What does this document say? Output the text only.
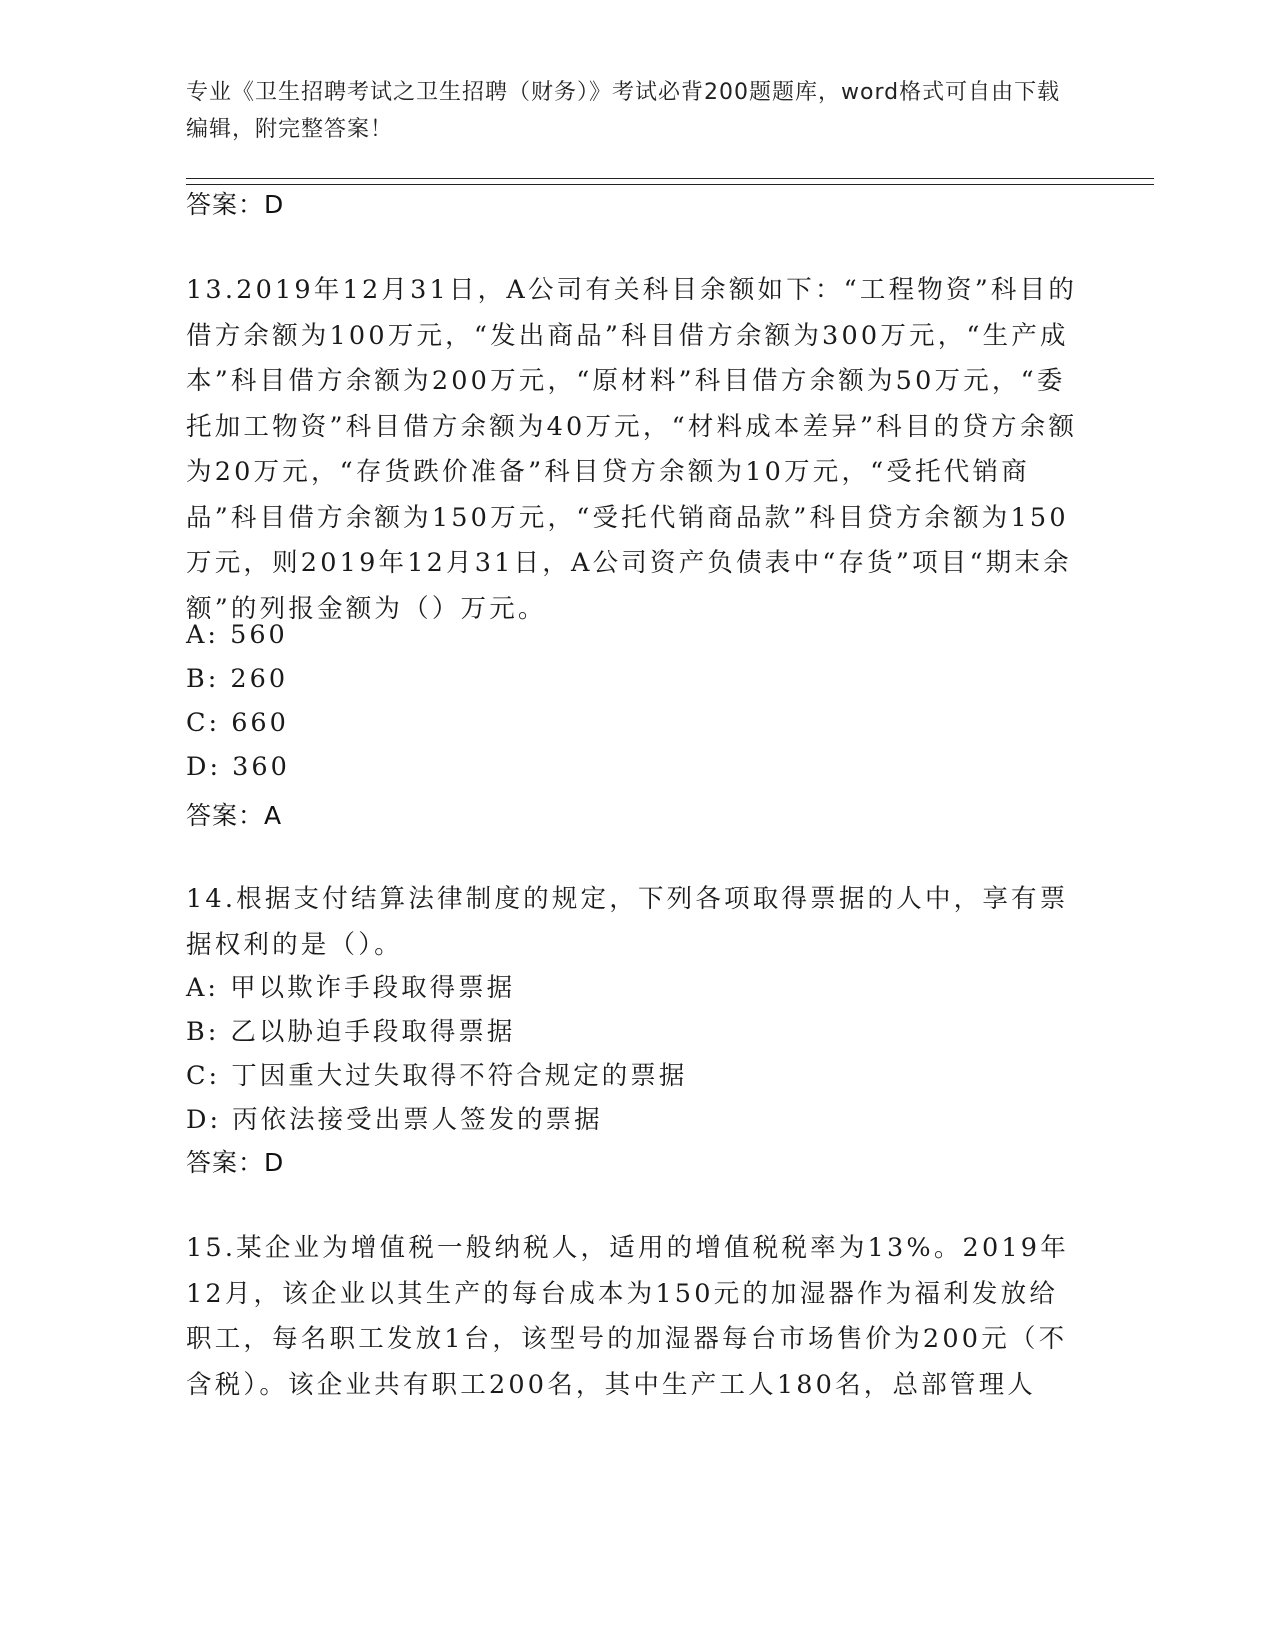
专业《卫生招聘考试之卫生招聘（财务）》考试必背200题题库，word格式可自由下载编辑，附完整答案！
答案：D
13.2019年12月31日，A公司有关科目余额如下：“工程物资”科目的借方余额为100万元，“发出商品”科目借方余额为300万元，“生产成本”科目借方余额为200万元，“原材料”科目借方余额为50万元，“委托加工物资”科目借方余额为40万元，“材料成本差异”科目的贷方余额为20万元，“存货跌价准备”科目贷方余额为10万元，“受托代销商品”科目借方余额为150万元，“受托代销商品款”科目贷方余额为150万元，则2019年12月31日，A公司资产负债表中“存货”项目“期末余额”的列报金额为（）万元。
A: 560
B: 260
C: 660
D: 360
答案：A
14.根据支付结算法律制度的规定，下列各项取得票据的人中，享有票据权利的是（）。
A: 甲以欺诈手段取得票据
B: 乙以胁迫手段取得票据
C: 丁因重大过失取得不符合规定的票据
D: 丙依法接受出票人签发的票据
答案：D
15.某企业为增值税一般纳税人，适用的增值税税率为13%。2019年12月，该企业以其生产的每台成本为150元的加湿器作为福利发放给职工，每名职工发放1台，该型号的加湿器每台市场售价为200元（不含税）。该企业共有职工200名，其中生产工人180名，总部管理人
